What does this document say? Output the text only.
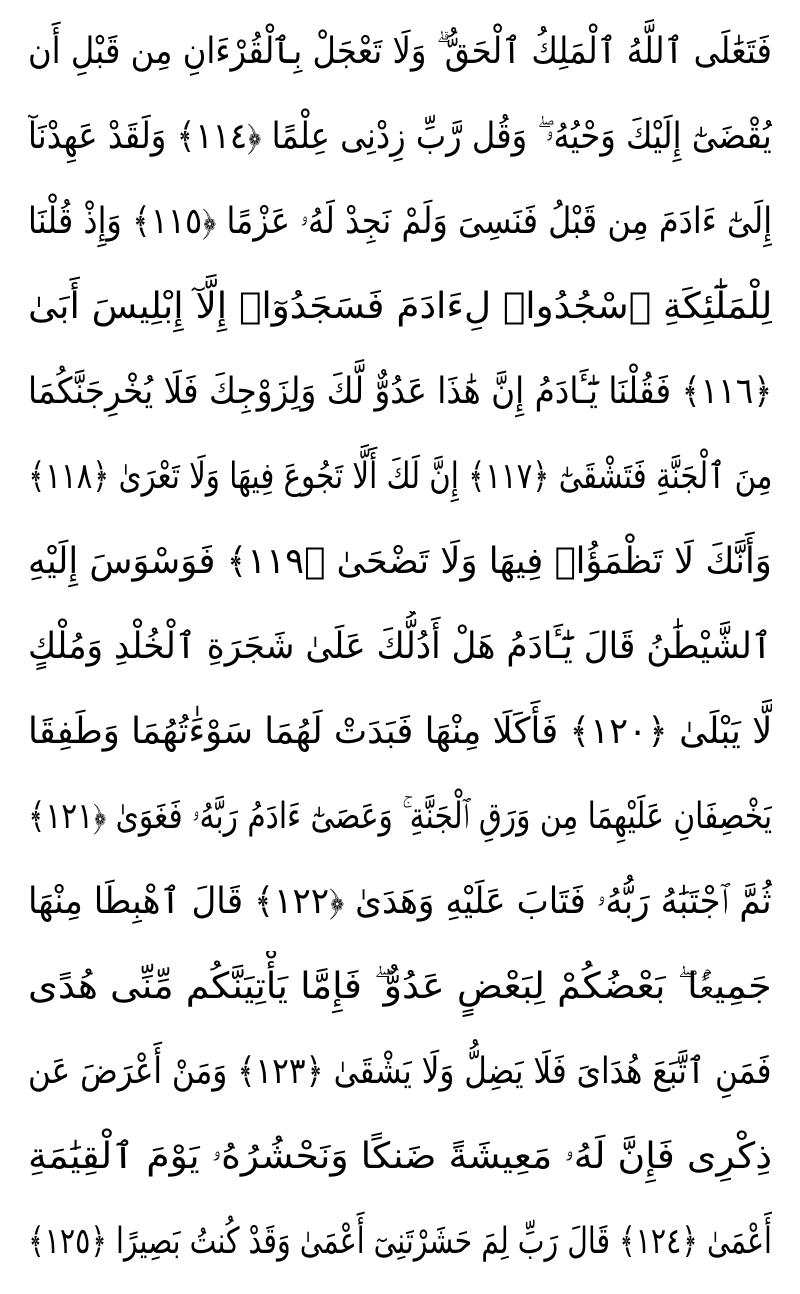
فَتَعَٰلَى ٱللَّهُ ٱلْمَلِكُ ٱلْحَقُّ ۗ وَلَا تَعْجَلْ بِٱلْقُرْءَانِ مِن قَبْلِ أَن
يُقْضَىٰٓ إِلَيْكَ وَحْيُهُۥ ۖ وَقُل رَّبِّ زِدْنِى عِلْمًا ﴿١١٤﴾ وَلَقَدْ عَهِدْنَآ
إِلَىٰٓ ءَادَمَ مِن قَبْلُ فَنَسِىَ وَلَمْ نَجِدْ لَهُۥ عَزْمًا ﴿١١٥﴾ وَإِذْ قُلْنَا
لِلْمَلَٰٓئِكَةِ ٱسْجُدُوا۟ لِءَادَمَ فَسَجَدُوٓا۟ إِلَّآ إِبْلِيسَ أَبَىٰ
﴿١١٦﴾ فَقُلْنَا يَٰٓـَٔادَمُ إِنَّ هَٰذَا عَدُوٌّ لَّكَ وَلِزَوْجِكَ فَلَا يُخْرِجَنَّكُمَا
مِنَ ٱلْجَنَّةِ فَتَشْقَىٰٓ ﴿١١٧﴾ إِنَّ لَكَ أَلَّا تَجُوعَ فِيهَا وَلَا تَعْرَىٰ ﴿١١٨﴾
وَأَنَّكَ لَا تَظْمَؤُا۟ فِيهَا وَلَا تَضْحَىٰ ﴿١١٩﴾ فَوَسْوَسَ إِلَيْهِ
ٱلشَّيْطَٰنُ قَالَ يَٰٓـَٔادَمُ هَلْ أَدُلُّكَ عَلَىٰ شَجَرَةِ ٱلْخُلْدِ وَمُلْكٍ
لَّا يَبْلَىٰ ﴿١٢٠﴾ فَأَكَلَا مِنْهَا فَبَدَتْ لَهُمَا سَوْءَٰتُهُمَا وَطَفِقَا
يَخْصِفَانِ عَلَيْهِمَا مِن وَرَقِ ٱلْجَنَّةِ ۚ وَعَصَىٰٓ ءَادَمُ رَبَّهُۥ فَغَوَىٰ ﴿١٢١﴾
ثُمَّ ٱجْتَبَٰهُ رَبُّهُۥ فَتَابَ عَلَيْهِ وَهَدَىٰ ﴿١٢٢﴾ قَالَ ٱهْبِطَا مِنْهَا
جَمِيعًۢا ۖ بَعْضُكُمْ لِبَعْضٍ عَدُوٌّ ۖ فَإِمَّا يَأْتِيَنَّكُم مِّنِّى هُدًى
فَمَنِ ٱتَّبَعَ هُدَاىَ فَلَا يَضِلُّ وَلَا يَشْقَىٰ ﴿١٢٣﴾ وَمَنْ أَعْرَضَ عَن
ذِكْرِى فَإِنَّ لَهُۥ مَعِيشَةً ضَنكًا وَنَحْشُرُهُۥ يَوْمَ ٱلْقِيَٰمَةِ
أَعْمَىٰ ﴿١٢٤﴾ قَالَ رَبِّ لِمَ حَشَرْتَنِىٓ أَعْمَىٰ وَقَدْ كُنتُ بَصِيرًا ﴿١٢٥﴾
